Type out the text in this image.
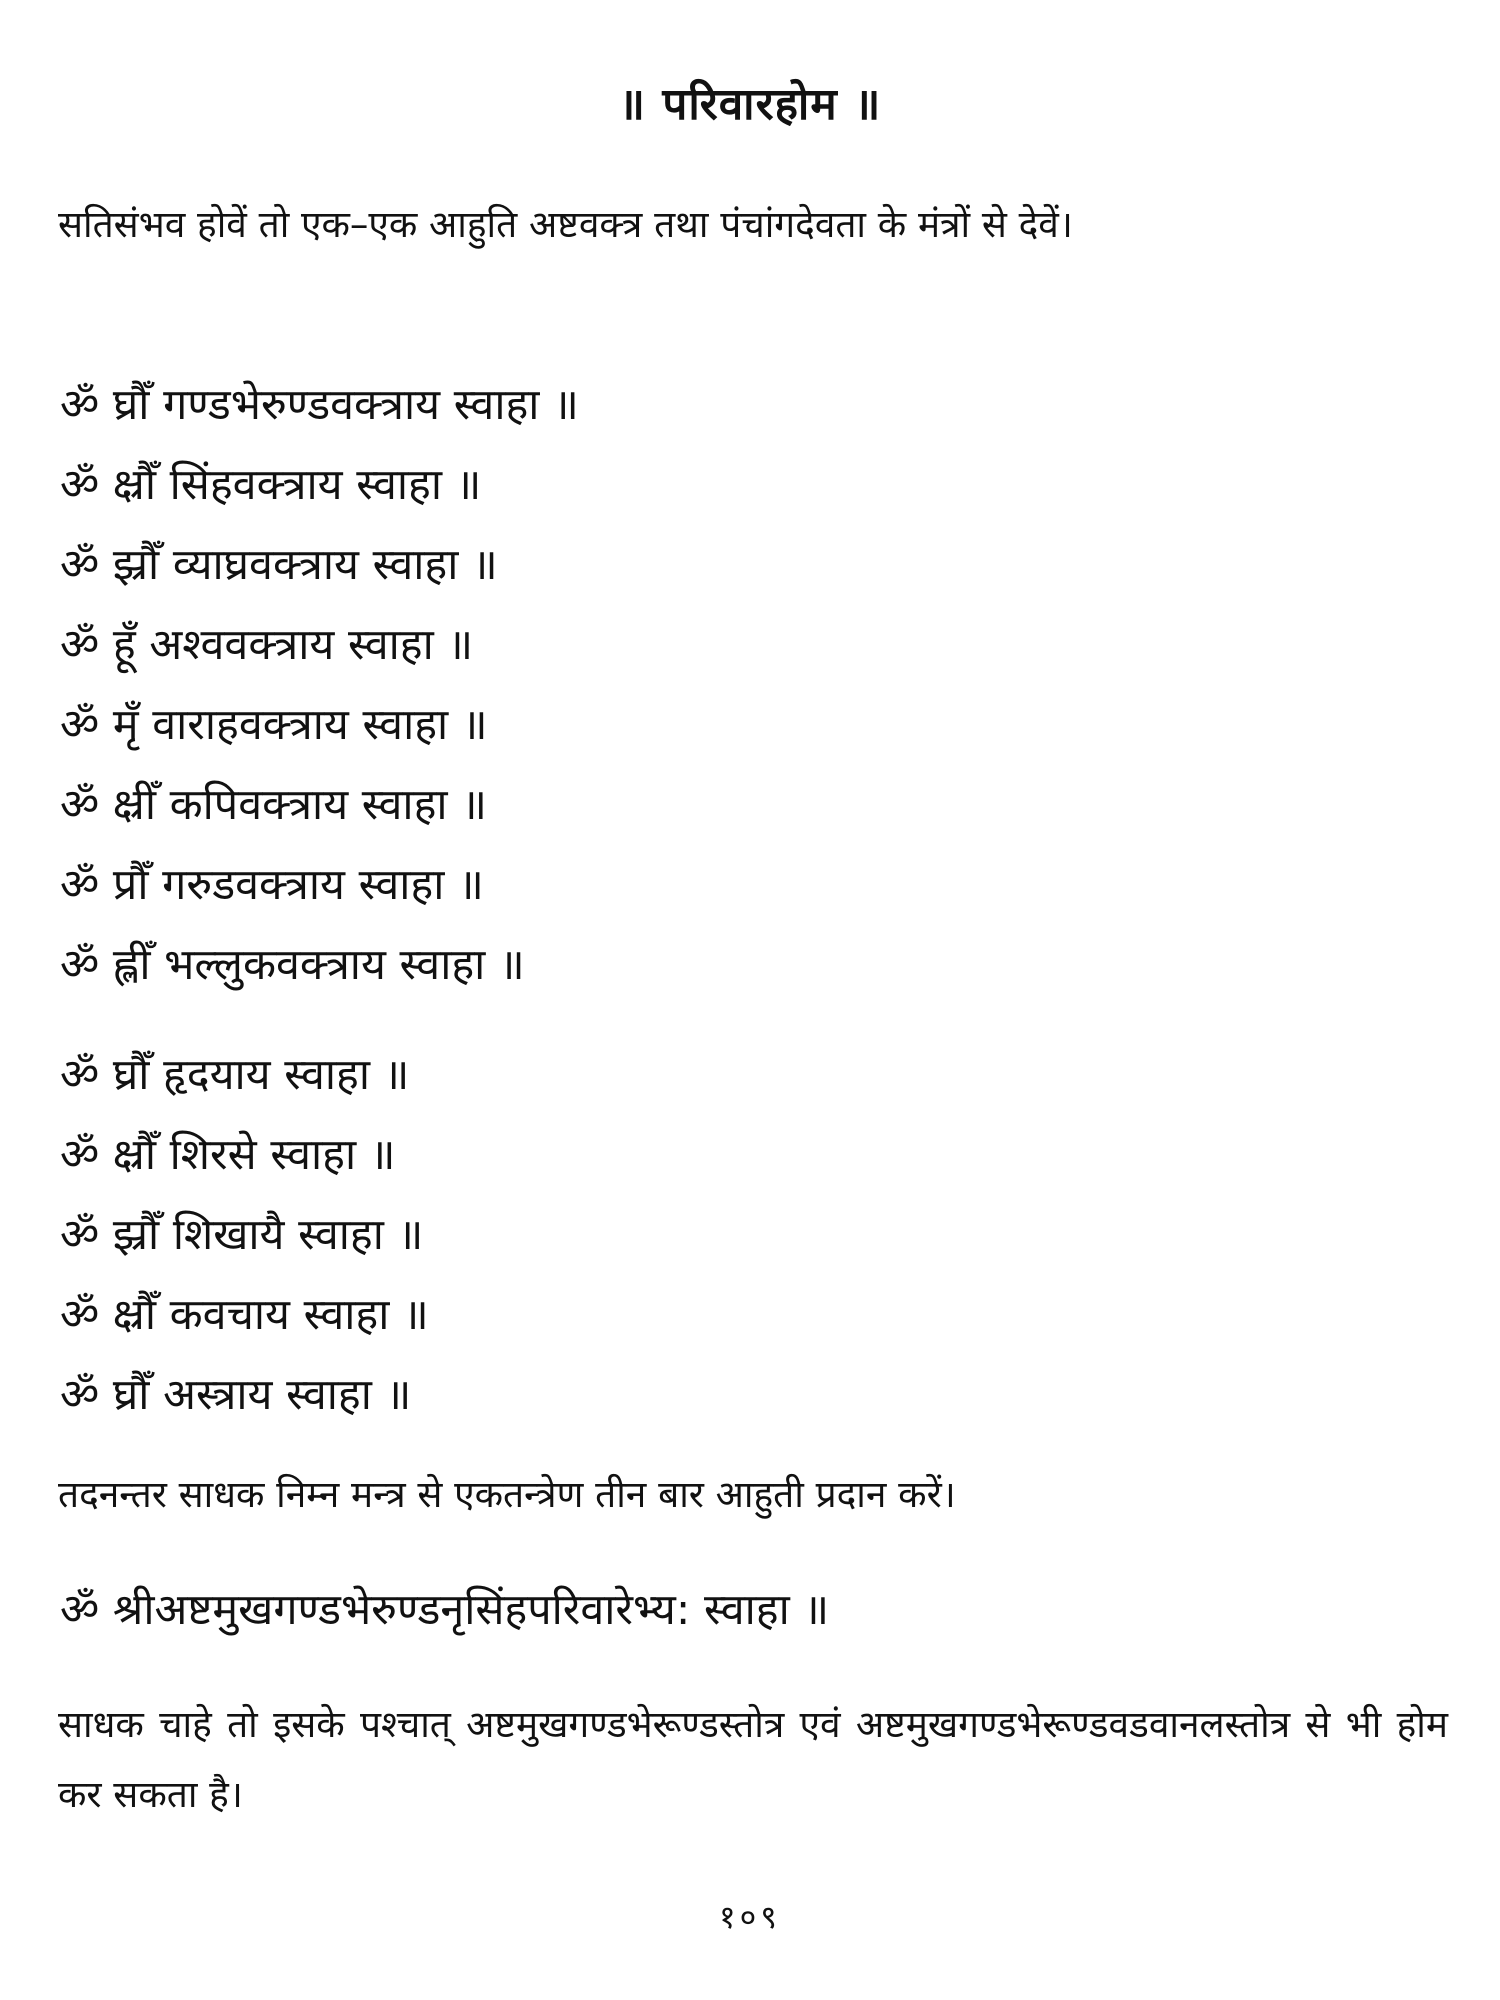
॥ परिवारहोम ॥
सतिसंभव होवें तो एक–एक आहुति अष्टवक्त्र तथा पंचांगदेवता के मंत्रों से देवें।
ॐ घ्रौँ गण्डभेरुण्डवक्त्राय स्वाहा ॥
ॐ क्ष्रौँ सिंहवक्त्राय स्वाहा ॥
ॐ झ्रौँ व्याघ्रवक्त्राय स्वाहा ॥
ॐ हूँ अश्ववक्त्राय स्वाहा ॥
ॐ मृँ वाराहवक्त्राय स्वाहा ॥
ॐ क्ष्रीँ कपिवक्त्राय स्वाहा ॥
ॐ प्रौँ गरुडवक्त्राय स्वाहा ॥
ॐ ह्लीँ भल्लुकवक्त्राय स्वाहा ॥
ॐ घ्रौँ हृदयाय स्वाहा ॥
ॐ क्ष्रौँ शिरसे स्वाहा ॥
ॐ झ्रौँ शिखायै स्वाहा ॥
ॐ क्ष्रौँ कवचाय स्वाहा ॥
ॐ घ्रौँ अस्त्राय स्वाहा ॥
तदनन्तर साधक निम्न मन्त्र से एकतन्त्रेण तीन बार आहुती प्रदान करें।
ॐ श्रीअष्टमुखगण्डभेरुण्डनृसिंहपरिवारेभ्य: स्वाहा ॥
साधक चाहे तो इसके पश्चात् अष्टमुखगण्डभेरूण्डस्तोत्र एवं अष्टमुखगण्डभेरूण्डवडवानलस्तोत्र से भी होम कर सकता है।
१०९
